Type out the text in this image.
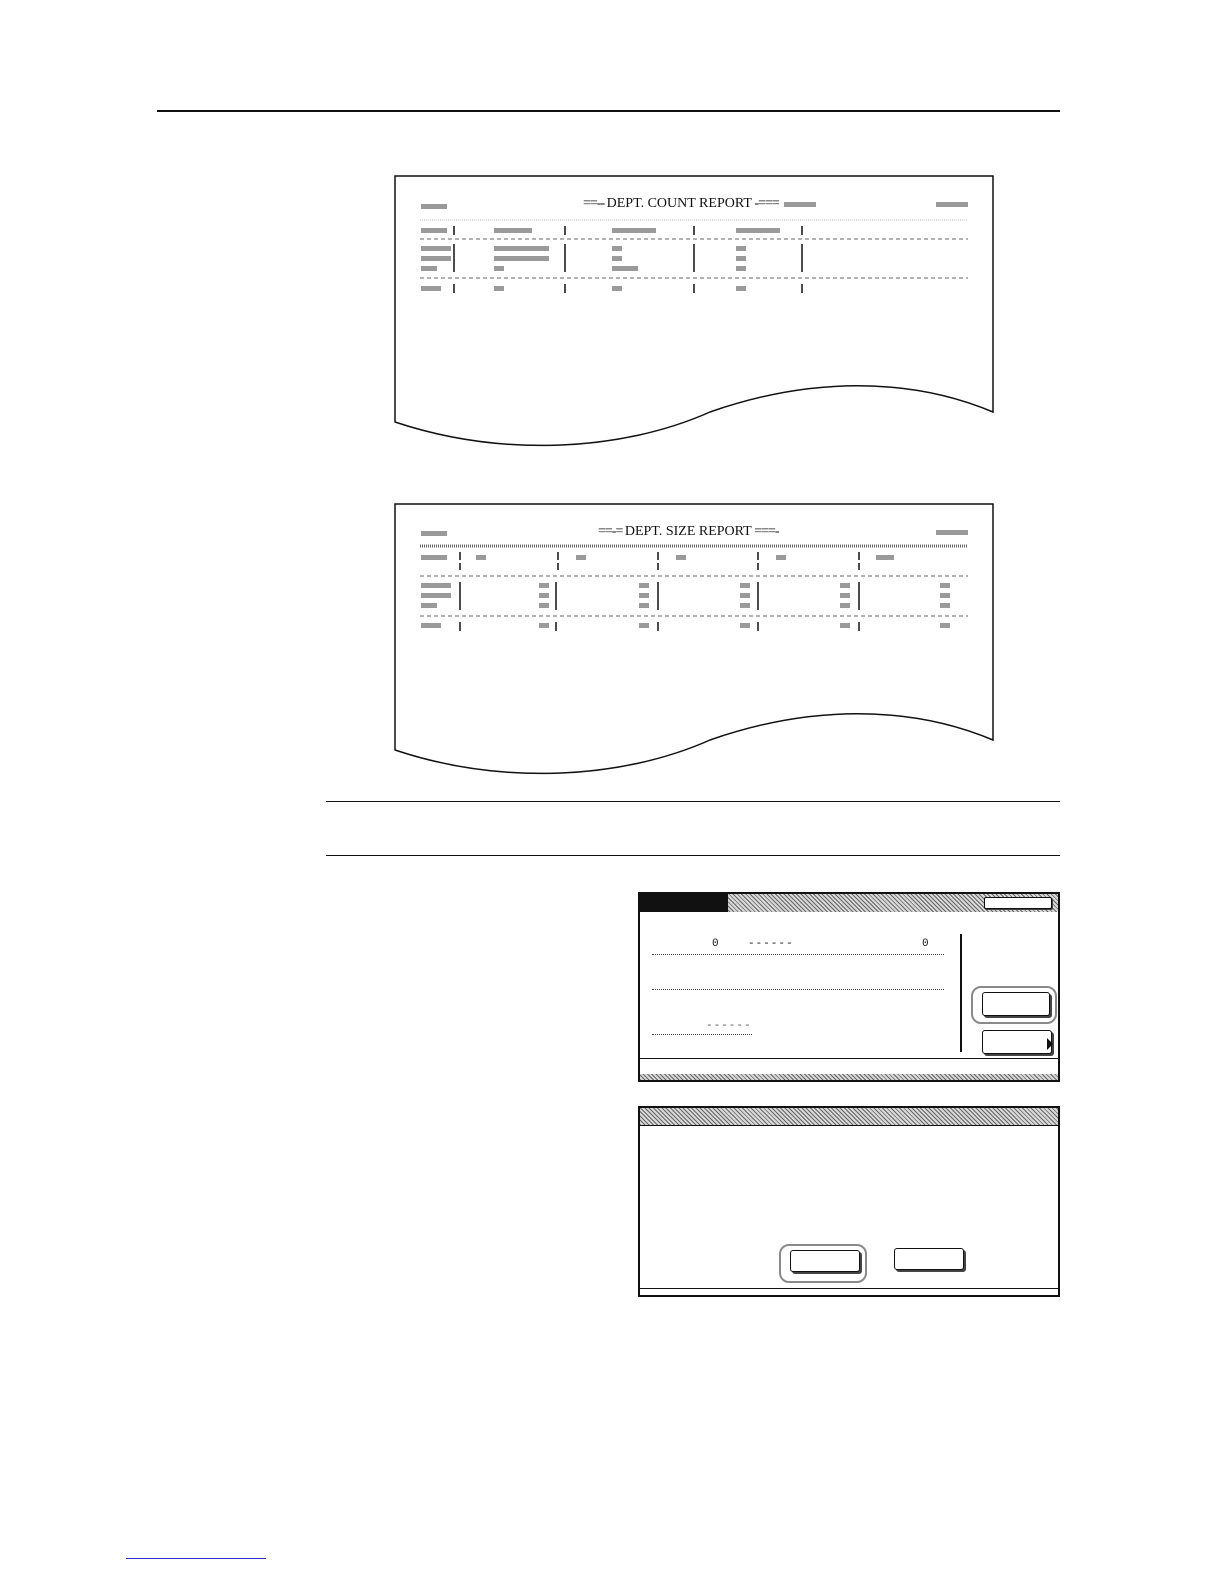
==-- DEPT. COUNT REPORT -===
==-= DEPT. SIZE REPORT ===-
0	------	0
------
